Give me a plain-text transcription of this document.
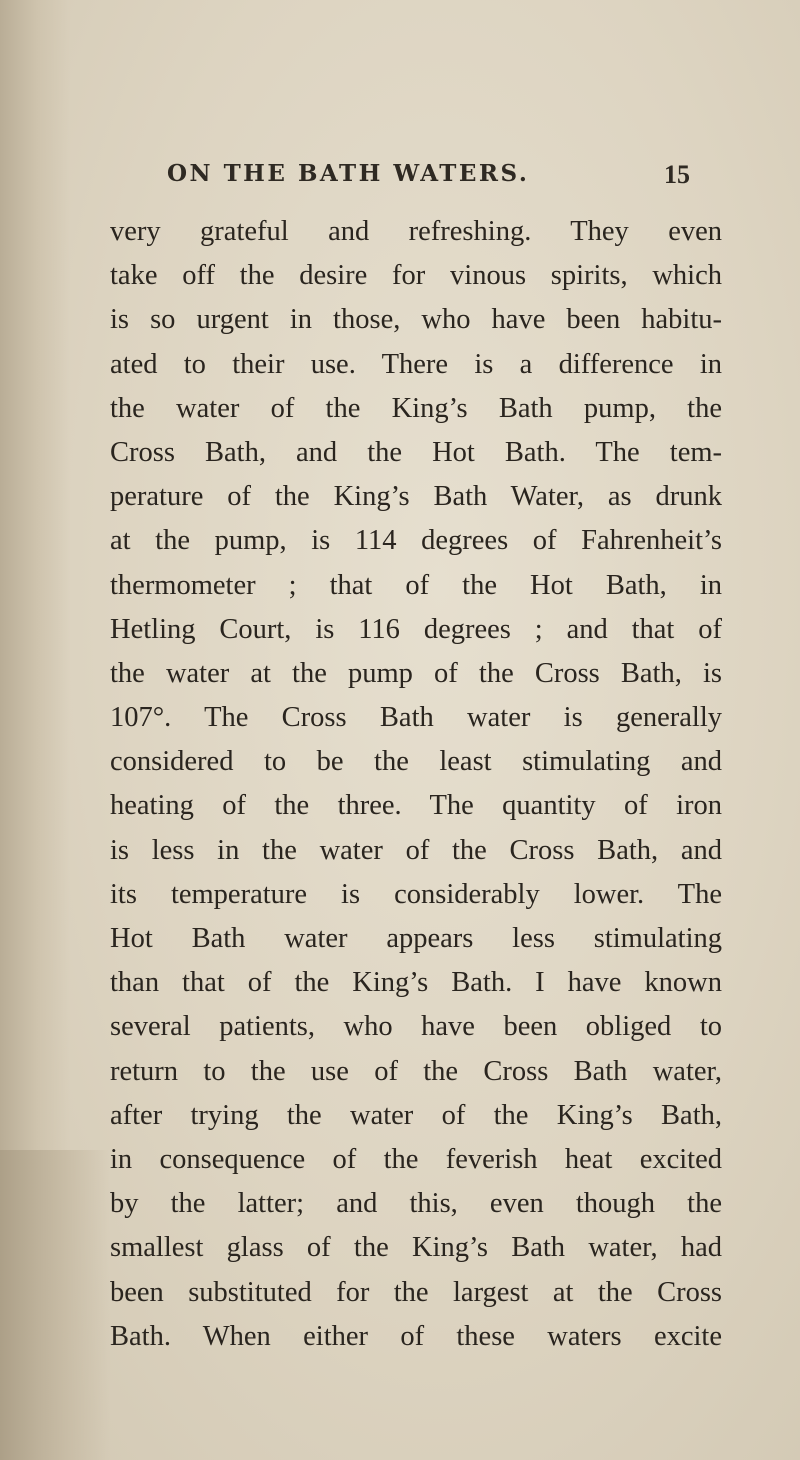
ON THE BATH WATERS.	15
very grateful and refreshing. They even
take off the desire for vinous spirits, which
is so urgent in those, who have been habitu-
ated to their use. There is a difference in
the water of the King’s Bath pump, the
Cross Bath, and the Hot Bath. The tem-
perature of the King’s Bath Water, as drunk
at the pump, is 114 degrees of Fahrenheit’s
thermometer ; that of the Hot Bath, in
Hetling Court, is 116 degrees ; and that of
the water at the pump of the Cross Bath, is
107°. The Cross Bath water is generally
considered to be the least stimulating and
heating of the three. The quantity of iron
is less in the water of the Cross Bath, and
its temperature is considerably lower. The
Hot Bath water appears less stimulating
than that of the King’s Bath. I have known
several patients, who have been obliged to
return to the use of the Cross Bath water,
after trying the water of the King’s Bath,
in consequence of the feverish heat excited
by the latter; and this, even though the
smallest glass of the King’s Bath water, had
been substituted for the largest at the Cross
Bath. When either of these waters excite
